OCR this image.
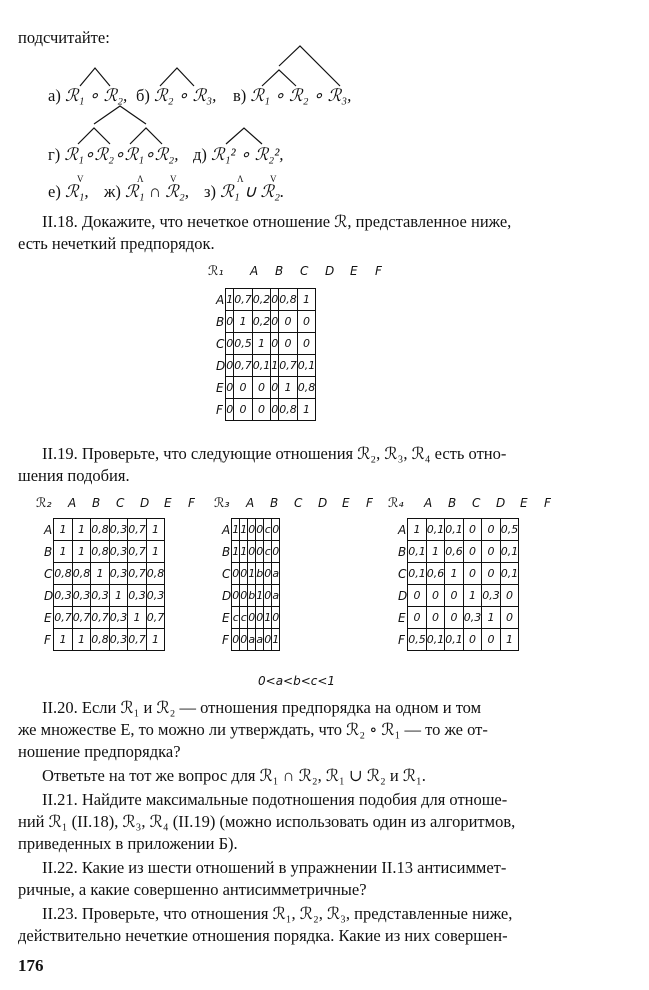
V	Λ	V	Λ	V
подсчитайте:
а) ℛ₁ ∘ ℛ₂, б) ℛ₂ ∘ ℛ₃, в) ℛ₁ ∘ ℛ₂ ∘ ℛ₃,
г) ℛ₁∘ℛ₂∘ℛ₁∘ℛ₂, д) ℛ₁² ∘ ℛ₂²,
е) ℛ₁, ж) ℛ₁ ∩ ℛ₂, з) ℛ₁ ∪ ℛ₂.
II.18. Докажите, что нечеткое отношение ℛ, представленное ниже,
есть нечеткий предпорядок.
ℛ₁ A B C D E F
A	1	0,7	0,2	0	0,8	1
B	0	1	0,2	0	0	0
C	0	0,5	1	0	0	0
D	0	0,7	0,1	1	0,7	0,1
E	0	0	0	0	1	0,8
F	0	0	0	0	0,8	1
II.19. Проверьте, что следующие отношения ℛ₂, ℛ₃, ℛ₄ есть отно-
шения подобия.
ℛ₂ A B C D E F
A	1	1	0,8	0,3	0,7	1
B	1	1	0,8	0,3	0,7	1
C	0,8	0,8	1	0,3	0,7	0,8
D	0,3	0,3	0,3	1	0,3	0,3
E	0,7	0,7	0,7	0,3	1	0,7
F	1	1	0,8	0,3	0,7	1
ℛ₃ A B C D E F
A	1	1	0	0	c	0
B	1	1	0	0	c	0
C	0	0	1	b	0	a
D	0	0	b	1	0	a
E	c	c	0	0	1	0
F	0	0	a	a	0	1
0<a<b<c<1
ℛ₄ A B C D E F
A	1	0,1	0,1	0	0	0,5
B	0,1	1	0,6	0	0	0,1
C	0,1	0,6	1	0	0	0,1
D	0	0	0	1	0,3	0
E	0	0	0	0,3	1	0
F	0,5	0,1	0,1	0	0	1
II.20. Если ℛ₁ и ℛ₂ — отношения предпорядка на одном и том
же множестве E, то можно ли утверждать, что ℛ₂ ∘ ℛ₁ — то же от-
ношение предпорядка?
Ответьте на тот же вопрос для ℛ₁ ∩ ℛ₂, ℛ₁ ∪ ℛ₂ и ℛ₁.
II.21. Найдите максимальные подотношения подобия для отноше-
ний ℛ₁ (II.18), ℛ₃, ℛ₄ (II.19) (можно использовать один из алгоритмов,
приведенных в приложении Б).
II.22. Какие из шести отношений в упражнении II.13 антисиммет-
ричные, а какие совершенно антисимметричные?
II.23. Проверьте, что отношения ℛ₁, ℛ₂, ℛ₃, представленные ниже,
действительно нечеткие отношения порядка. Какие из них совершен-
176
